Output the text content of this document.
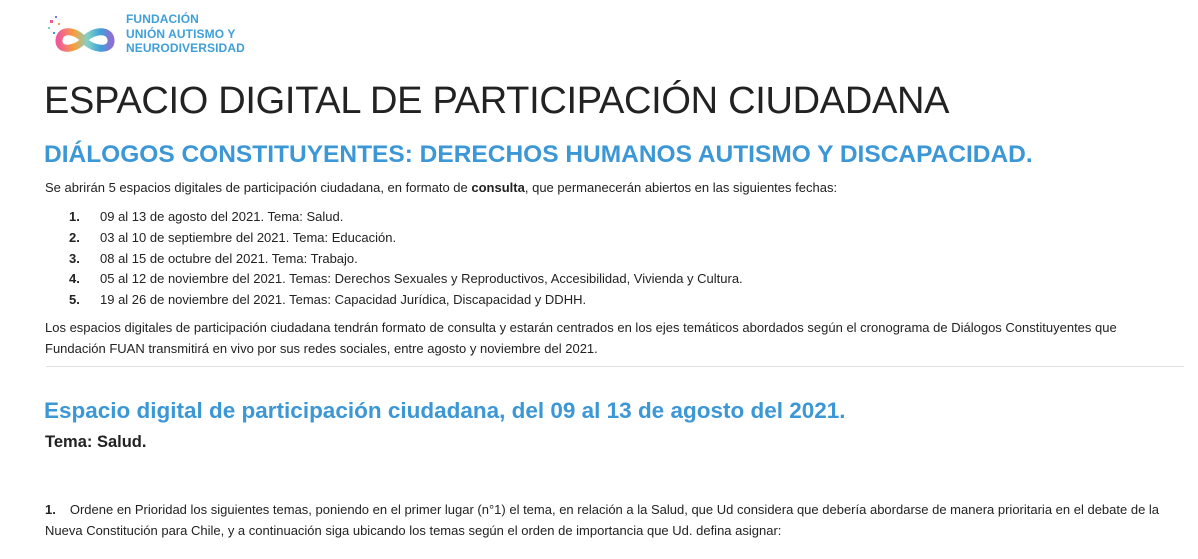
FUNDACIÓN
UNIÓN AUTISMO Y
NEURODIVERSIDAD
ESPACIO DIGITAL DE PARTICIPACIÓN CIUDADANA
DIÁLOGOS CONSTITUYENTES: DERECHOS HUMANOS AUTISMO Y DISCAPACIDAD.

Se abrirán 5 espacios digitales de participación ciudadana, en formato de consulta, que permanecerán abiertos en las siguientes fechas:

1.	09 al 13 de agosto del 2021. Tema: Salud.
2.	03 al 10 de septiembre del 2021. Tema: Educación.
3.	08 al 15 de octubre del 2021. Tema: Trabajo.
4.	05 al 12 de noviembre del 2021. Temas: Derechos Sexuales y Reproductivos, Accesibilidad, Vivienda y Cultura.
5.	19 al 26 de noviembre del 2021. Temas: Capacidad Jurídica, Discapacidad y DDHH.

Los espacios digitales de participación ciudadana tendrán formato de consulta y estarán centrados en los ejes temáticos abordados según el cronograma de Diálogos Constituyentes que Fundación FUAN transmitirá en vivo por sus redes sociales, entre agosto y noviembre del 2021.

Espacio digital de participación ciudadana, del 09 al 13 de agosto del 2021.

Tema: Salud.

1. Ordene en Prioridad los siguientes temas, poniendo en el primer lugar (n°1) el tema, en relación a la Salud, que Ud considera que debería abordarse de manera prioritaria en el debate de la Nueva Constitución para Chile, y a continuación siga ubicando los temas según el orden de importancia que Ud. defina asignar:
